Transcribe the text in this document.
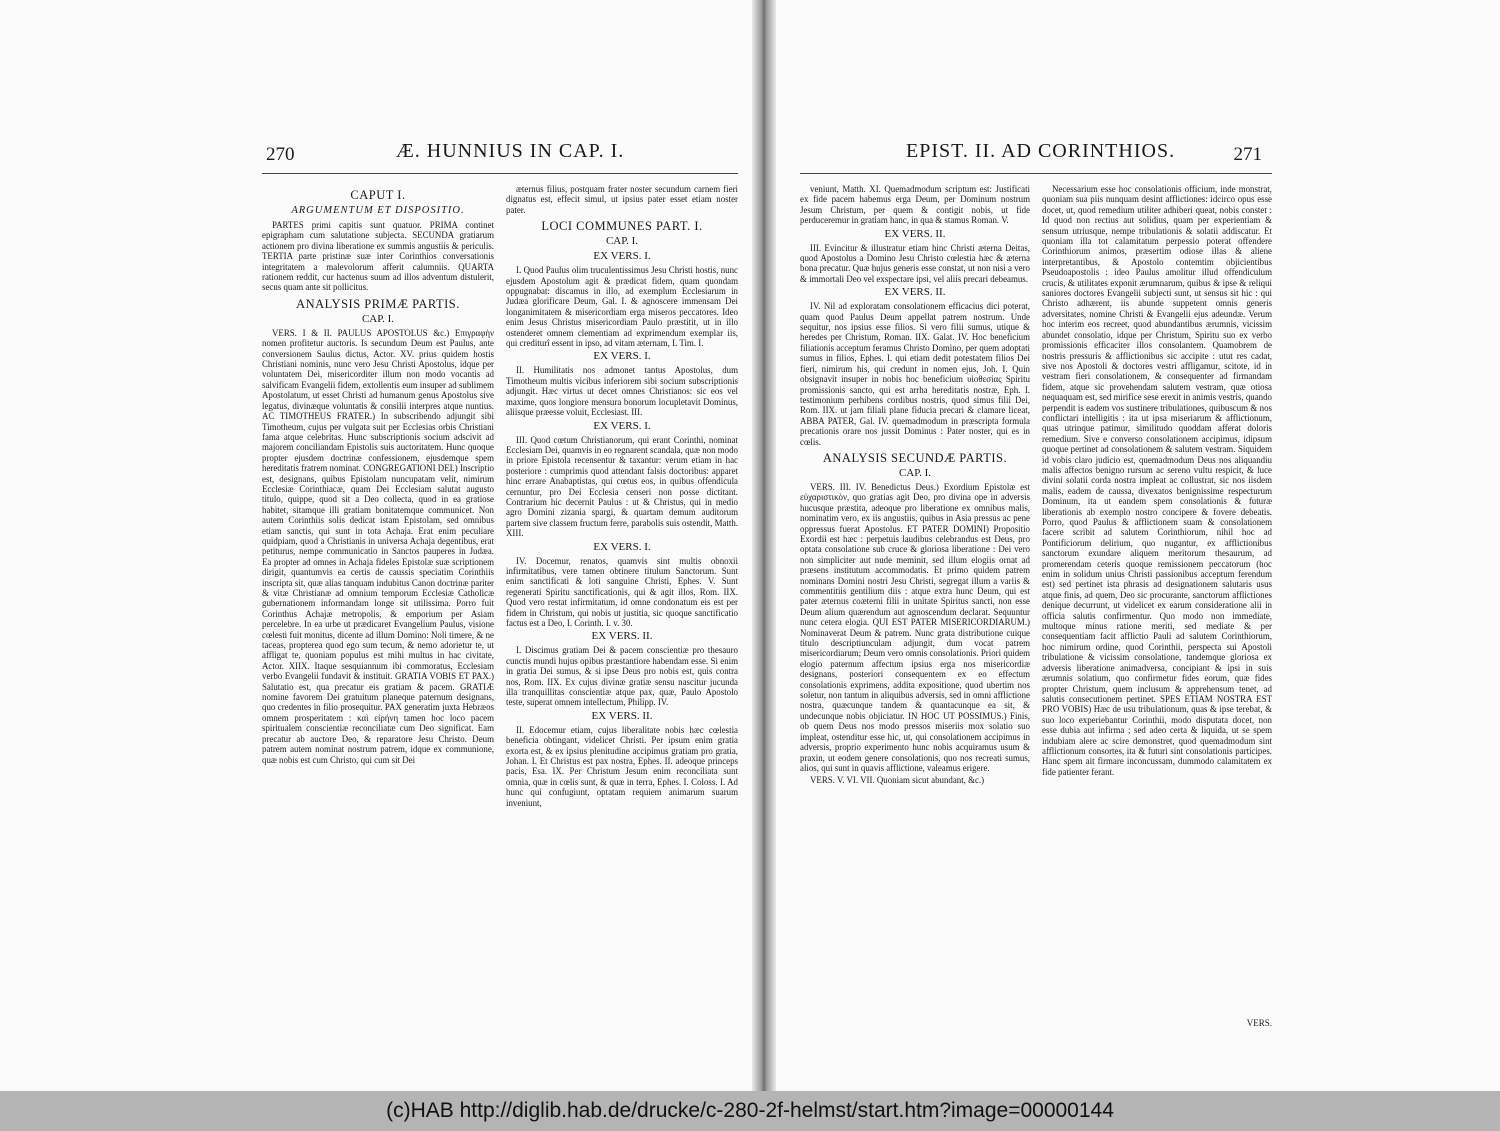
270	Æ. HUNNIUS IN CAP. I.
CAPUT I.
ARGUMENTUM ET DISPOSITIO.

PARTES primi capitis sunt quatuor. PRIMA continet epigrapham cum salutatione subjecta. SECUNDA gratiarum actionem pro divina liberatione ex summis angustiis & periculis. TERTIA parte pristinæ suæ inter Corinthios conversationis integritatem a malevolorum afferit calumniis. QUARTA rationem reddit, cur hactenus suum ad illos adventum distulerit, secus quam ante sit pollicitus.

ANALYSIS PRIMÆ PARTIS.
CAP. I.

VERS. I & II. PAULUS APOSTOLUS &c.) Επιγραφὴν nomen profitetur auctoris. Is secundum Deum est Paulus, ante conversionem Saulus dictus, Actor. XV. prius quidem hostis Christiani nominis, nunc vero Jesu Christi Apostolus, idque per voluntatem Dei, misericorditer illum non modo vocantis ad salvificam Evangelii fidem, extollentis eum insuper ad sublimem Apostolatum, ut esset Christi ad humanum genus Apostolus sive legatus, divinæque voluntatis & consilii interpres atque nuntius. AC TIMOTHEUS FRATER.) In subscribendo adjungit sibi Timotheum, cujus per vulgata suit per Ecclesias orbis Christiani fama atque celebritas. Hunc subscriptionis socium adscivit ad majorem conciliandam Epistolis suis auctoritatem. Hunc quoque propter ejusdem doctrinæ confessionem, ejusdemque spem hereditatis fratrem nominat. CONGREGATIONI DEI.) Inscriptio est, designans, quibus Epistolam nuncupatam velit, nimirum Ecclesiæ Corinthiacæ, quam Dei Ecclesiam salutat augusto titulo, quippe, quod sit a Deo collecta, quod in ea gratiose habitet, sitamque illi gratiam bonitatemque communicet. Non autem Corinthiis solis dedicat istam Epistolam, sed omnibus etiam sanctis, qui sunt in tota Achaja. Erat enim peculiare quidpiam, quod a Christianis in universa Achaja degentibus, erat petiturus, nempe communicatio in Sanctos pauperes in Judæa. Ea propter ad omnes in Achaja fideles Epistolæ suæ scriptionem dirigit, quantumvis ea certis de caussis speciatim Corinthiis inscripta sit, quæ alias tanquam indubitus Canon doctrinæ pariter & vitæ Christianæ ad omnium temporum Ecclesiæ Catholicæ gubernationem informandam longe sit utilissima. Porro fuit Corinthus Achajæ metropolis, & emporium per Asiam percelebre. In ea urbe ut prædicaret Evangelium Paulus, visione cœlesti fuit monitus, dicente ad illum Domino: Noli timere, & ne taceas, propterea quod ego sum tecum, & nemo adorietur te, ut affligat te, quoniam populus est mihi multus in hac civitate, Actor. XIIX. Itaque sesquiannum ibi commoratus, Ecclesiam verbo Evangelii fundavit & instituit. GRATIA VOBIS ET PAX.) Salutatio est, qua precatur eis gratiam & pacem. GRATIÆ nomine favorem Dei gratuitum planeque paternum designans, quo credentes in filio prosequitur. PAX generatim juxta Hebræos omnem prosperitatem : καὶ εἰρήνη tamen hoc loco pacem spiritualem conscientiæ reconciliatæ cum Deo significat. Eam precatur ab auctore Deo, & reparatore Jesu Christo. Deum patrem autem nominat nostrum patrem, idque ex communione, quæ nobis est cum Christo, qui cum sit Dei

æternus filius, postquam frater noster secundum carnem fieri dignatus est, effecit simul, ut ipsius pater esset etiam noster pater.

LOCI COMMUNES PART. I.
CAP. I.
EX VERS. I.

I. Quod Paulus olim truculentissimus Jesu Christi hostis, nunc ejusdem Apostolum agit & prædicat fidem, quam quondam oppugnabat: discamus in illo, ad exemplum Ecclesiarum in Judæa glorificare Deum, Gal. I. & agnoscere immensam Dei longanimitatem & misericordiam erga miseros peccatores. Ideo enim Jesus Christus misericordiam Paulo præstitit, ut in illo ostenderet omnem clementiam ad exprimendum exemplar iis, qui crediturî essent in ipso, ad vitam æternam, I. Tim. I.

EX VERS. I.

II. Humilitatis nos admonet tantus Apostolus, dum Timotheum multis vicibus inferiorem sibi socium subscriptionis adjungit. Hæc virtus ut decet omnes Christianos: sic eos vel maxime, quos longiore mensura bonorum locupletavit Dominus, aliisque præesse voluit, Ecclesiast. III.

EX VERS. I.

III. Quod cœtum Christianorum, qui erant Corinthi, nominat Ecclesiam Dei, quamvis in eo regnarent scandala, quæ non modo in priore Epistola recensentur & taxantur: verum etiam in hac posteriore : cumprimis quod attendant falsis doctoribus: apparet hinc errare Anabaptistas, qui cœtus eos, in quibus offendicula cernuntur, pro Dei Ecclesia censeri non posse dictitant. Contrarium hic decernit Paulus : ut & Christus, qui in medio agro Domini zizania spargi, & quartam demum auditorum partem sive classem fructum ferre, parabolis suis ostendit, Matth. XIII.

EX VERS. I.

IV. Docemur, renatos, quamvis sint multis obnoxii infirmitatibus, vere tamen obtinere titulum Sanctorum. Sunt enim sanctificati & loti sanguine Christi, Ephes. V. Sunt regenerati Spiritu sanctificationis, qui & agit illos, Rom. IIX. Quod vero restat infirmitatum, id omne condonatum eis est per fidem in Christum, qui nobis ut justitia, sic quoque sanctificatio factus est a Deo, I. Corinth. I. v. 30.

EX VERS. II.

I. Discimus gratiam Dei & pacem conscientiæ pro thesauro cunctis mundi hujus opibus præstantiore habendam esse. Si enim in gratia Dei sumus, & si ipse Deus pro nobis est, quis contra nos, Rom. IIX. Ex cujus divinæ gratiæ sensu nascitur jucunda illa tranquillitas conscientiæ atque pax, quæ, Paulo Apostolo teste, superat omnem intellectum, Philipp. IV.

EX VERS. II.

II. Edocemur etiam, cujus liberalitate nobis hæc cœlestia beneficia obtingant, videlicet Christi. Per ipsum enim gratia exorta est, & ex ipsius plenitudine accipimus gratiam pro gratia, Johan. I. Et Christus est pax nostra, Ephes. II. adeoque princeps pacis, Esa. IX. Per Christum Jesum enim reconciliata sunt omnia, quæ in cœlis sunt, & quæ in terra, Ephes. I. Coloss. I. Ad hunc qui confugiunt, optatam requiem animarum suarum inveniunt,

EPIST. II. AD CORINTHIOS.	271

veniunt, Matth. XI. Quemadmodum scriptum est: Justificati ex fide pacem habemus erga Deum, per Dominum nostrum Jesum Christum, per quem & contigit nobis, ut fide perduceremur in gratiam hanc, in qua & stamus Roman. V.

EX VERS. II.

III. Evincitur & illustratur etiam hinc Christi æterna Deitas, quod Apostolus a Domino Jesu Christo cœlestia hæc & æterna bona precatur. Quæ hujus generis esse constat, ut non nisi a vero & immortali Deo vel exspectare ipsi, vel aliis precari debeamus.

EX VERS. II.

IV. Nil ad exploratam consolationem efficacius dici poterat, quam quod Paulus Deum appellat patrem nostrum. Unde sequitur, nos ipsius esse filios. Si vero filii sumus, utique & heredes per Christum, Roman. IIX. Galat. IV. Hoc beneficium filiationis acceptum feramus Christo Domino, per quem adoptati sumus in filios, Ephes. I. qui etiam dedit potestatem filios Dei fieri, nimirum his, qui credunt in nomen ejus, Joh. I. Quin obsignavit insuper in nobis hoc beneficium υἱοθεσίας Spiritu promissionis sancto, qui est arrha hereditatis nostræ, Eph. I. testimonium perhibens cordibus nostris, quod simus filii Dei, Rom. IIX. ut jam filiali plane fiducia precari & clamare liceat, ABBA PATER, Gal. IV. quemadmodum in præscripta formula precationis orare nos jussit Dominus : Pater noster, qui es in cœlis.

ANALYSIS SECUNDÆ PARTIS.
CAP. I.

VERS. III. IV. Benedictus Deus.) Exordium Epistolæ est εὐχαριστικὸν, quo gratias agit Deo, pro divina ope in adversis hucusque præstita, adeoque pro liberatione ex omnibus malis, nominatim vero, ex iis angustiis, quibus in Asia pressus ac pene oppressus fuerat Apostolus. ET PATER DOMINI) Propositio Exordii est hæc : perpetuis laudibus celebrandus est Deus, pro optata consolatione sub cruce & gloriosa liberatione : Dei vero non simpliciter aut nude meminit, sed illum elogiis ornat ad præsens institutum accommodatis. Et primo quidem patrem nominans Domini nostri Jesu Christi, segregat illum a variis & commentitiis gentilium diis : atque extra hunc Deum, qui est pater æternus coæterni filii in unitate Spiritus sancti, non esse Deum alium quærendum aut agnoscendum declarat. Sequuntur nunc cetera elogia. QUI EST PATER MISERICORDIARUM.) Nominaverat Deum & patrem. Nunc grata distributione cuique titulo descriptiunculam adjungit, dum vocat patrem misericordiarum; Deum vero omnis consolationis. Priori quidem elogio paternum affectum ipsius erga nos misericordiæ designans, posteriori consequentem ex eo effectum consolationis exprimens, addita expositione, quod ubertim nos soletur, non tantum in aliquibus adversis, sed in omni afflictione nostra, quæcunque tandem & quantacunque ea sit, & undecunque nobis objiciatur. IN HOC UT POSSIMUS.) Finis, ob quem Deus nos modo pressos miseriis mox solatio suo impleat, ostenditur esse hic, ut, qui consolationem accipimus in adversis, proprio experimento hunc nobis acquiramus usum & praxin, ut eodem genere consolationis, quo nos recreati sumus, alios, qui sunt in quavis afflictione, valeamus erigere.

VERS. V. VI. VII. Quoniam sicut abundant, &c.)

Necessarium esse hoc consolationis officium, inde monstrat, quoniam sua piis nunquam desint afflictiones: idcirco opus esse docet, ut, quod remedium utiliter adhiberi queat, nobis constet : Id quod non rectius aut solidius, quam per experientiam & sensum utriusque, nempe tribulationis & solatii addiscatur. Et quoniam illa tot calamitatum perpessio poterat offendere Corinthiorum animos, præsertim odiose illas & aliene interpretantibus, & Apostolo contemtim objicientibus Pseudoapostolis : ideo Paulus amolitur illud offendiculum crucis, & utilitates exponit ærumnarum, quibus & ipse & reliqui saniores doctores Evangelii subjecti sunt, ut sensus sit hic : qui Christo adhærent, iis abunde suppetent omnis generis adversitates, nomine Christi & Evangelii ejus adeundæ. Verum hoc interim eos recreet, quod abundantibus ærumnis, vicissim abundet consolatio, idque per Christum, Spiritu suo ex verbo promissionis efficaciter illos consolantem. Quamobrem de nostris pressuris & afflictionibus sic accipite : utut res cadat, sive nos Apostoli & doctores vestri affligamur, scitote, id in vestram fieri consolationem, & consequenter ad firmandam fidem, atque sic provehendam salutem vestram, quæ otiosa nequaquam est, sed mirifice sese erexit in animis vestris, quando perpendit is eadem vos sustinere tribulationes, quibuscum & nos conflictari intelligitis : ita ut ipsa miseriarum & afflictionum, quas utrinque patimur, similitudo quoddam afferat doloris remedium. Sive e converso consolationem accipimus, idipsum quoque pertinet ad consolationem & salutem vestram. Siquidem id vobis claro judicio est, quemadmodum Deus nos aliquandiu malis affectos benigno rursum ac sereno vultu respicit, & luce divini solatii corda nostra impleat ac collustrat, sic nos iisdem malis, eadem de caussa, divexatos benignissime respecturum Dominum, ita ut eandem spem consolationis & futuræ liberationis ab exemplo nostro concipere & fovere debeatis. Porro, quod Paulus & afflictionem suam & consolationem facere scribit ad salutem Corinthiorum, nihil hoc ad Pontificiorum delirium, quo nugantur, ex afflictionibus sanctorum exundare aliquem meritorum thesaurum, ad promerendam ceteris quoque remissionem peccatorum (hoc enim in solidum unius Christi passionibus acceptum ferendum est) sed pertinet ista phrasis ad designationem salutaris usus atque finis, ad quem, Deo sic procurante, sanctorum afflictiones denique decurrunt, ut videlicet ex earum consideratione alii in officia salutis confirmentur. Quo modo non immediate, multoque minus ratione meriti, sed mediate & per consequentiam facit afflictio Pauli ad salutem Corinthiorum, hoc nimirum ordine, quod Corinthii, perspecta sui Apostoli tribulatione & vicissim consolatione, tandemque gloriosa ex adversis liberatione animadversa, concipiant & ipsi in suis ærumnis solatium, quo confirmetur fides eorum, quæ fides propter Christum, quem inclusum & apprehensum tenet, ad salutis consecutionem pertinet. SPES ETIAM NOSTRA EST PRO VOBIS) Hæc de usu tribulationum, quas & ipse terebat, & suo loco experiebantur Corinthii, modo disputata docet, non esse dubia aut infirma ; sed adeo certa & liquida, ut se spem indubiam alere ac scire demonstret, quod quemadmodum sint afflictionum consortes, ita & futuri sint consolationis participes. Hanc spem ait firmare inconcussam, dummodo calamitatem ex fide patienter ferant.

VERS.
(c)HAB http://diglib.hab.de/drucke/c-280-2f-helmst/start.htm?image=00000144
